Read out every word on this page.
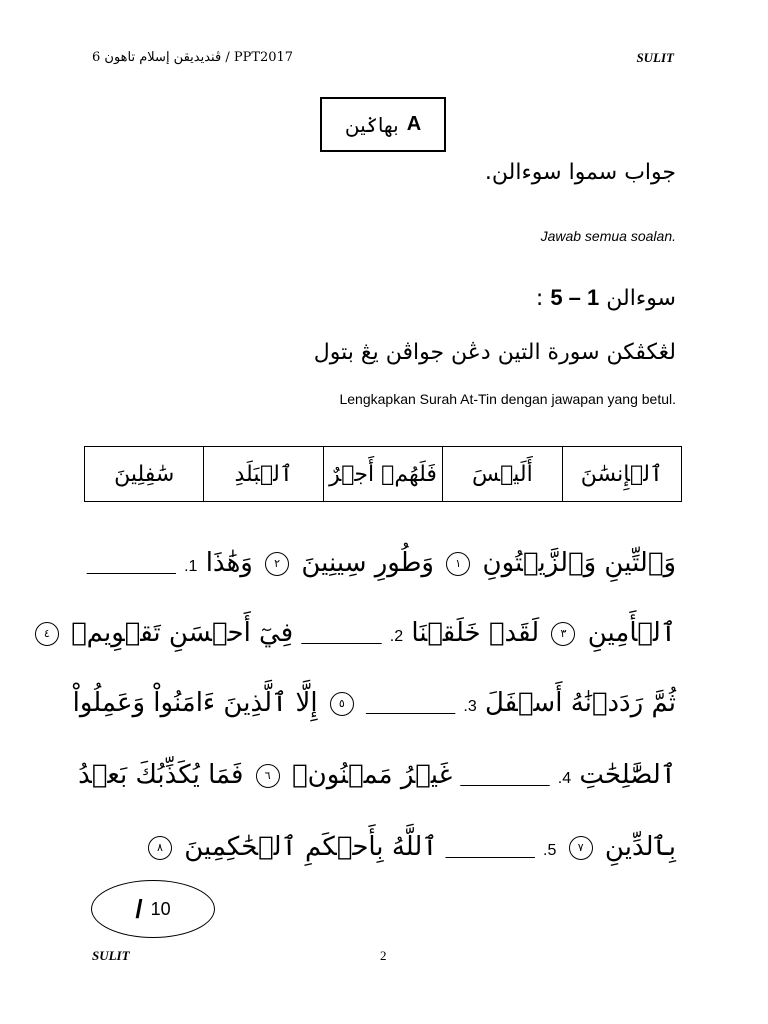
ڤنديديقن إسلام تاهون 6 / PPT2017	SULIT
بهاݢين A
جواب سموا سوءالن.
Jawab semua soalan.
سوءالن 1 – 5 :
لڠكڤكن سورة التين دڠن جواڤن يڠ بتول
Lengkapkan Surah At-Tin dengan jawapan yang betul.
ٱلۡإِنسَٰنَ	أَلَيۡسَ	فَلَهُمۡ أَجۡرٌ	ٱلۡبَلَدِ	سَٰفِلِينَ
وَٱلتِّينِ وَٱلزَّيۡتُونِ ١ وَطُورِ سِينِينَ ٢ وَهَٰذَا 1. __________
ٱلۡأَمِينِ ٣ لَقَدۡ خَلَقۡنَا 2. _________ فِيٓ أَحۡسَنِ تَقۡوِيمٖ ٤
ثُمَّ رَدَدۡنَٰهُ أَسۡفَلَ 3. __________ ٥ إِلَّا ٱلَّذِينَ ءَامَنُواْ وَعَمِلُواْ
ٱلصَّٰلِحَٰتِ 4. __________ غَيۡرُ مَمۡنُونٖ ٦ فَمَا يُكَذِّبُكَ بَعۡدُ
بِٱلدِّينِ ٧ 5. __________ ٱللَّهُ بِأَحۡكَمِ ٱلۡحَٰكِمِينَ ٨
/ 10
SULIT	2
